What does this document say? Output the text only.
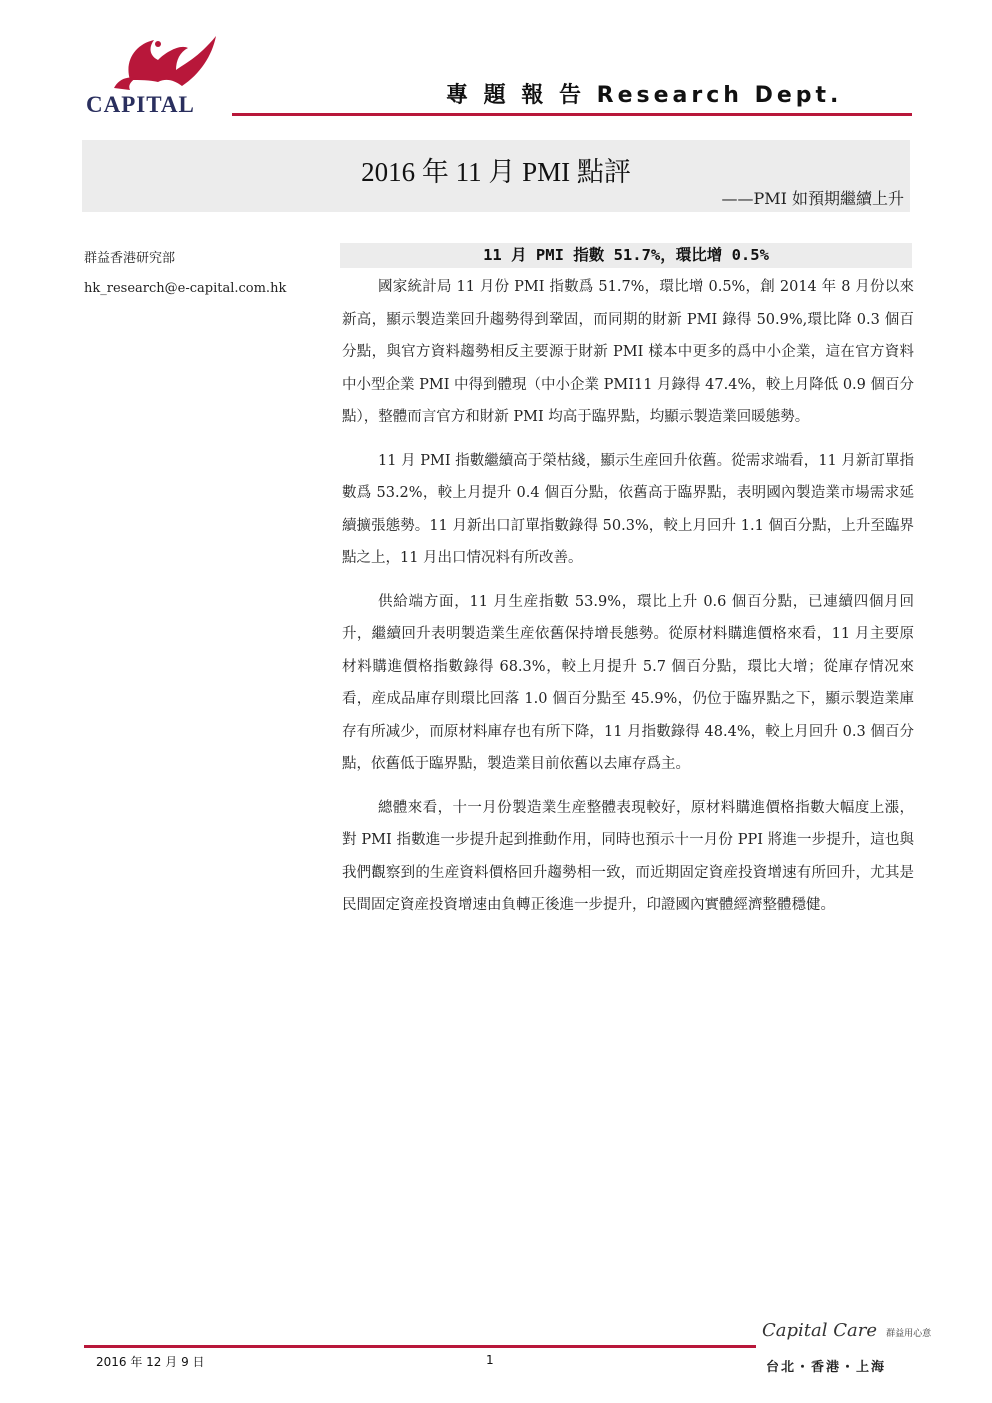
CAPITAL	專 題 報 告 Research Dept.
2016 年 11 月 PMI 點評
——PMI 如預期繼續上升
群益香港研究部
hk_research@e-capital.com.hk
11 月 PMI 指數 51.7%，環比增 0.5%

國家統計局 11 月份 PMI 指數爲 51.7%，環比增 0.5%，創 2014 年 8 月份以來新高，顯示製造業回升趨勢得到鞏固，而同期的財新 PMI 錄得 50.9%,環比降 0.3 個百分點，與官方資料趨勢相反主要源于財新 PMI 樣本中更多的爲中小企業，這在官方資料中小型企業 PMI 中得到體現（中小企業 PMI11 月錄得 47.4%，較上月降低 0.9 個百分點），整體而言官方和財新 PMI 均高于臨界點，均顯示製造業回暖態勢。

11 月 PMI 指數繼續高于榮枯綫，顯示生産回升依舊。從需求端看，11 月新訂單指數爲 53.2%，較上月提升 0.4 個百分點，依舊高于臨界點，表明國內製造業市場需求延續擴張態勢。11 月新出口訂單指數錄得 50.3%，較上月回升 1.1 個百分點，上升至臨界點之上，11 月出口情况料有所改善。

供給端方面，11 月生産指數 53.9%，環比上升 0.6 個百分點，已連續四個月回升，繼續回升表明製造業生産依舊保持增長態勢。從原材料購進價格來看，11 月主要原材料購進價格指數錄得 68.3%，較上月提升 5.7 個百分點，環比大增；從庫存情况來看，産成品庫存則環比回落 1.0 個百分點至 45.9%，仍位于臨界點之下，顯示製造業庫存有所减少，而原材料庫存也有所下降，11 月指數錄得 48.4%，較上月回升 0.3 個百分點，依舊低于臨界點，製造業目前依舊以去庫存爲主。

總體來看，十一月份製造業生産整體表現較好，原材料購進價格指數大幅度上漲，對 PMI 指數進一步提升起到推動作用，同時也預示十一月份 PPI 將進一步提升，這也與我們觀察到的生産資料價格回升趨勢相一致，而近期固定資産投資增速有所回升，尤其是民間固定資産投資增速由負轉正後進一步提升，印證國內實體經濟整體穩健。

2016 年 12 月 9 日	1
Capital Care 群益用心意
台北・香港・上海
